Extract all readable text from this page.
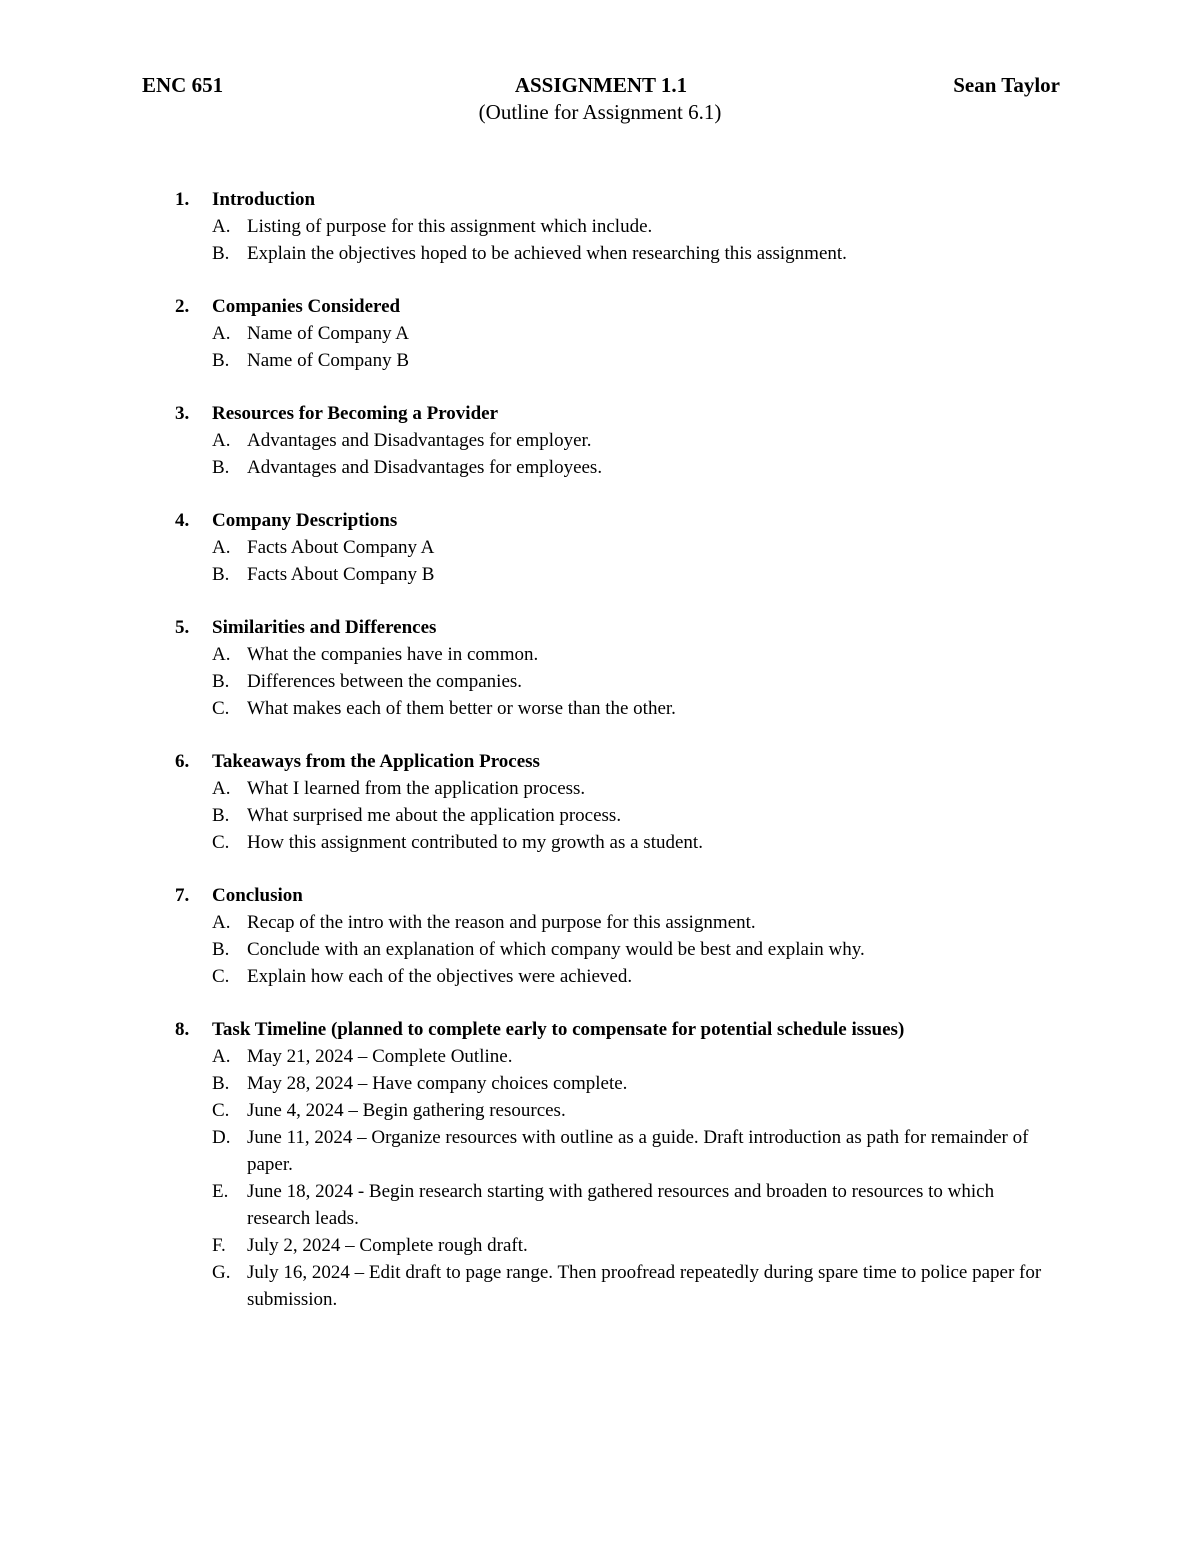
ASSIGNMENT 1.1
ENC 651	Sean Taylor
(Outline for Assignment 6.1)
1. Introduction
A. Listing of purpose for this assignment which include.
B. Explain the objectives hoped to be achieved when researching this assignment.
2. Companies Considered
A. Name of Company A
B. Name of Company B
3. Resources for Becoming a Provider
A. Advantages and Disadvantages for employer.
B. Advantages and Disadvantages for employees.
4. Company Descriptions
A. Facts About Company A
B. Facts About Company B
5. Similarities and Differences
A. What the companies have in common.
B. Differences between the companies.
C. What makes each of them better or worse than the other.
6. Takeaways from the Application Process
A. What I learned from the application process.
B. What surprised me about the application process.
C. How this assignment contributed to my growth as a student.
7. Conclusion
A. Recap of the intro with the reason and purpose for this assignment.
B. Conclude with an explanation of which company would be best and explain why.
C. Explain how each of the objectives were achieved.
8. Task Timeline (planned to complete early to compensate for potential schedule issues)
A. May 21, 2024 – Complete Outline.
B. May 28, 2024 – Have company choices complete.
C. June 4, 2024 – Begin gathering resources.
D. June 11, 2024 – Organize resources with outline as a guide. Draft introduction as path for remainder of paper.
E. June 18, 2024 - Begin research starting with gathered resources and broaden to resources to which research leads.
F. July 2, 2024 – Complete rough draft.
G. July 16, 2024 – Edit draft to page range. Then proofread repeatedly during spare time to police paper for submission.
